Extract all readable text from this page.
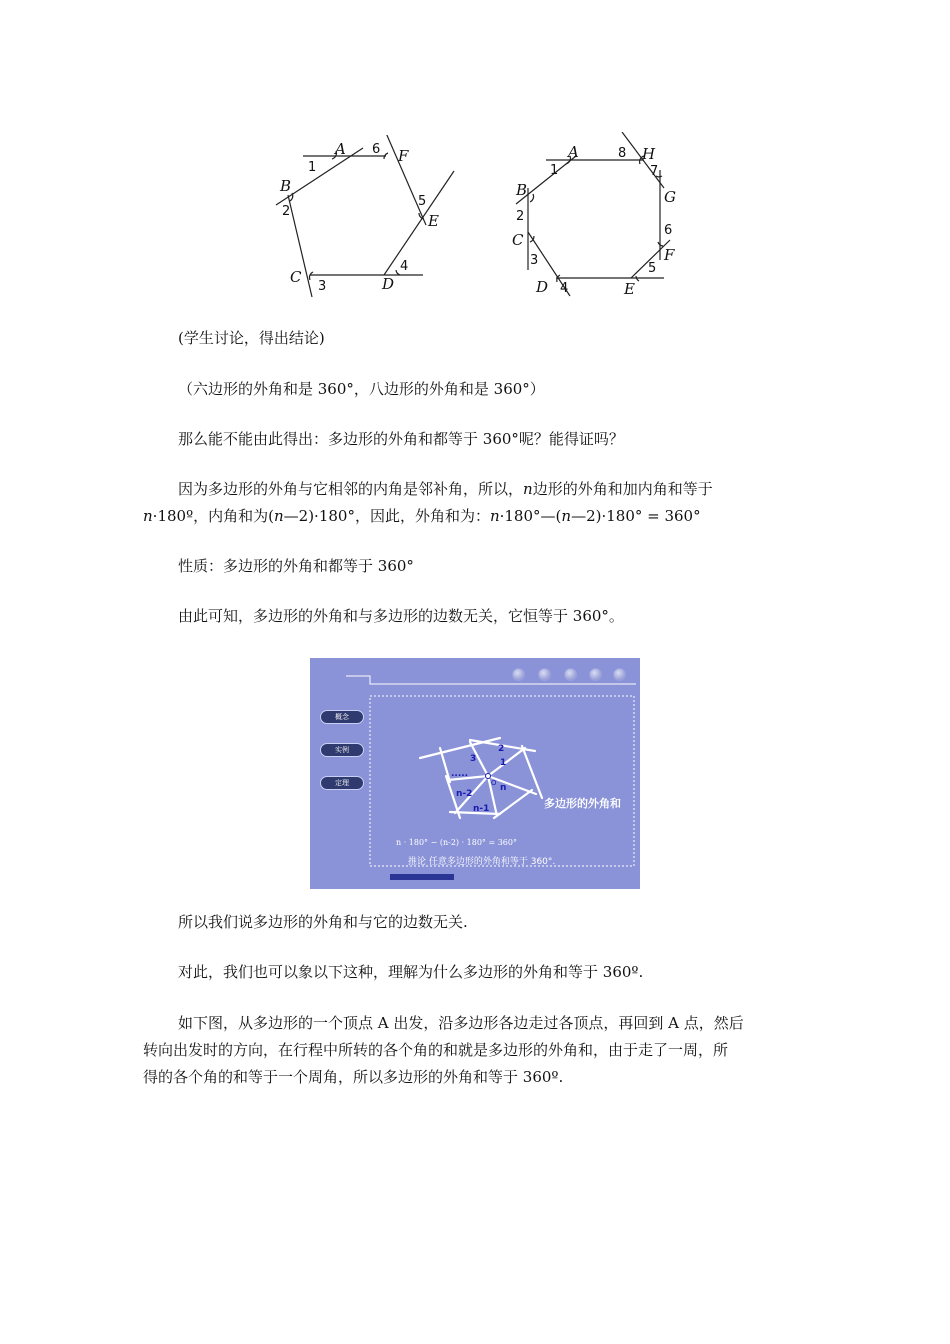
A	F
E
D
C
B
1
6
5
4
3
2
A	H
G
F
E
D
C
B
1
8
7
6
5
4
3
2
(学生讨论，得出结论)
（六边形的外角和是 360°，八边形的外角和是 360°）
那么能不能由此得出：多边形的外角和都等于 360°呢？能得证吗？
因为多边形的外角与它相邻的内角是邻补角，所以，n边形的外角和加内角和等于
n·180º，内角和为(n—2)·180°，因此，外角和为：n·180°—(n—2)·180° = 360°
性质：多边形的外角和都等于 360°
由此可知，多边形的外角和与多边形的边数无关，它恒等于 360°。
1
2
3
n
n-1
n-2
.....
O
概念
实例
定理
多边形的外角和
n · 180° − (n-2) · 180° = 360°
推论 任意多边形的外角和等于 360°.
所以我们说多边形的外角和与它的边数无关.
对此，我们也可以象以下这种，理解为什么多边形的外角和等于 360º.
如下图，从多边形的一个顶点 A 出发，沿多边形各边走过各顶点，再回到 A 点，然后
转向出发时的方向，在行程中所转的各个角的和就是多边形的外角和，由于走了一周，所
得的各个角的和等于一个周角，所以多边形的外角和等于 360º.
